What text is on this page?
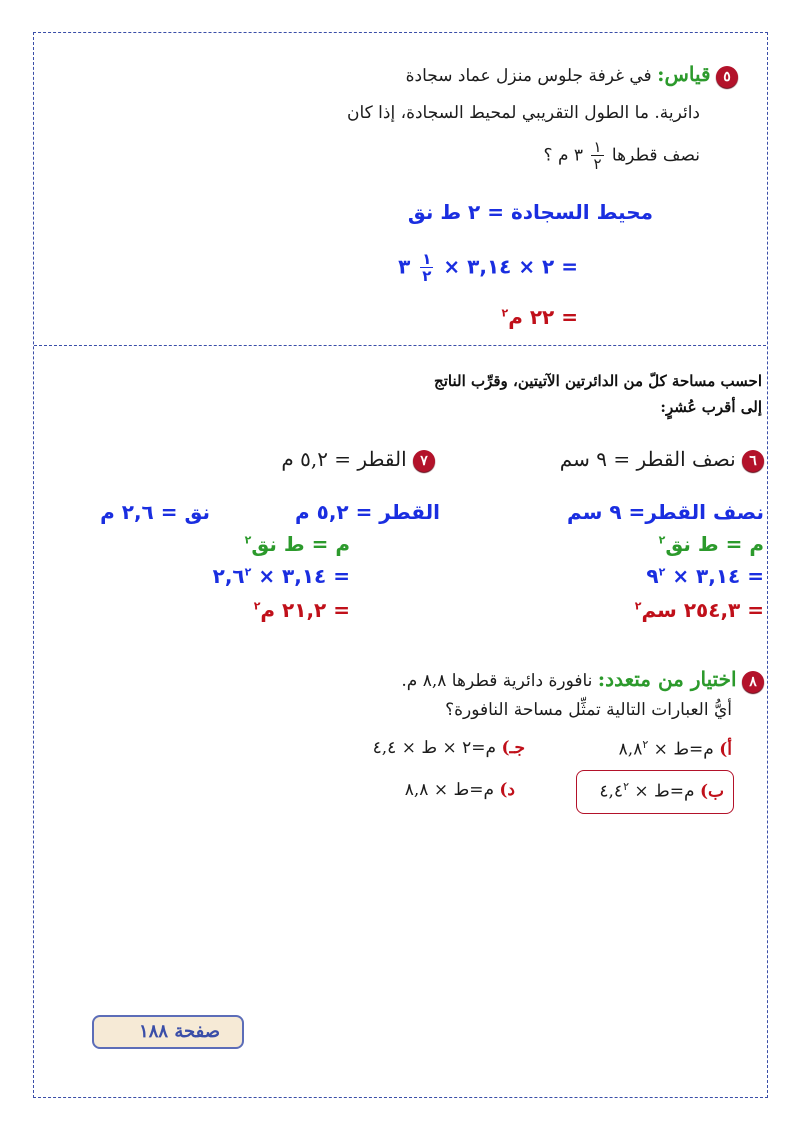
٥ قياس: في غرفة جلوس منزل عماد سجادة
دائرية. ما الطول التقريبي لمحيط السجادة، إذا كان
نصف قطرها
$\frac{١}{٢}$
٣ م ؟
محيط السجادة = ٢ ط نق
= ٢ × ٣,١٤ ×
$\frac{١}{٢}$
٣
= ٢٢ م$^٢$
احسب مساحة كلّ من الدائرتين الآتيتين، وقرِّب الناتج
إلى أقرب عُشرٍ:
٦ نصف القطر = ٩ سم
٧ القطر = ٥,٢ م
نصف القطر= ٩ سم
م = ط نق$^٢$
= ٣,١٤ × $٩^٢$
= ٢٥٤,٣ سم$^٢$
القطر = ٥,٢ م
نق = ٢,٦ م
م = ط نق$^٢$
= ٣,١٤ × $٢,٦^٢$
= ٢١,٢ م$^٢$
٨ اختيار من متعدد: نافورة دائرية قطرها ٨,٨ م.
أيُّ العبارات التالية تمثِّل مساحة النافورة؟
أ) م=ط × $٨,٨^٢$
جـ) م=٢ × ط × ٤,٤
ب) م=ط × $٤,٤^٢$
د) م=ط × ٨,٨
صفحة ١٨٨
